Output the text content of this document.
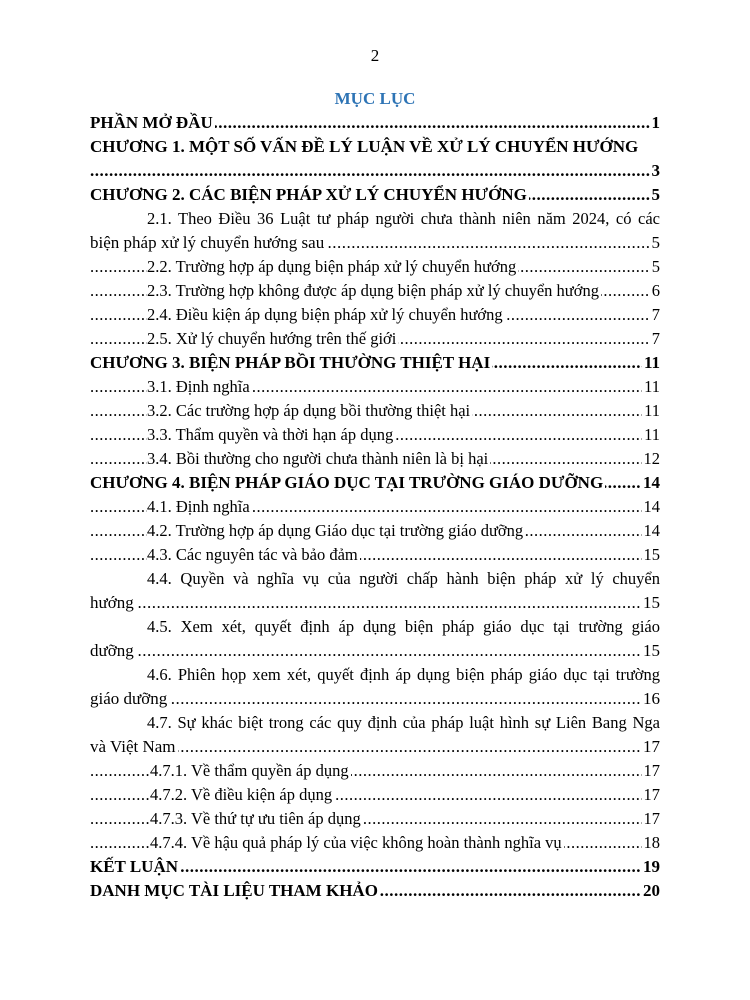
2
MỤC LỤC
..... PHẦN MỞ ĐẦU	1
CHƯƠNG 1. MỘT SỐ VẤN ĐỀ LÝ LUẬN VỀ XỬ LÝ CHUYỂN HƯỚNG
..... 3
..... CHƯƠNG 2. CÁC BIỆN PHÁP XỬ LÝ CHUYỂN HƯỚNG	5
2.1. Theo Điều 36 Luật tư pháp người chưa thành niên năm 2024, có các
..... biện pháp xử lý chuyển hướng sau	5
..... 2.2. Trường hợp áp dụng biện pháp xử lý chuyển hướng	5
..... 2.3. Trường hợp không được áp dụng biện pháp xử lý chuyển hướng	6
..... 2.4. Điều kiện áp dụng biện pháp xử lý chuyển hướng	7
..... 2.5. Xử lý chuyển hướng trên thế giới	7
..... CHƯƠNG 3. BIỆN PHÁP BỒI THƯỜNG THIỆT HẠI	11
..... 3.1. Định nghĩa	11
..... 3.2. Các trường hợp áp dụng bồi thường thiệt hại	11
..... 3.3. Thẩm quyền và thời hạn áp dụng	11
..... 3.4. Bồi thường cho người chưa thành niên là bị hại	12
..... CHƯƠNG 4. BIỆN PHÁP GIÁO DỤC TẠI TRƯỜNG GIÁO DƯỠNG 14
..... 4.1. Định nghĩa	14
..... 4.2. Trường hợp áp dụng Giáo dục tại trường giáo dưỡng	14
..... 4.3. Các nguyên tác và bảo đảm	15
4.4. Quyền và nghĩa vụ của người chấp hành biện pháp xử lý chuyển
..... hướng	15
4.5. Xem xét, quyết định áp dụng biện pháp giáo dục tại trường giáo
..... dưỡng	15
4.6. Phiên họp xem xét, quyết định áp dụng biện pháp giáo dục tại trường
..... giáo dưỡng	16
4.7. Sự khác biệt trong các quy định của pháp luật hình sự Liên Bang Nga
..... và Việt Nam	17
..... 4.7.1. Về thẩm quyền áp dụng	17
..... 4.7.2. Về điều kiện áp dụng	17
..... 4.7.3. Về thứ tự ưu tiên áp dụng	17
..... 4.7.4. Về hậu quả pháp lý của việc không hoàn thành nghĩa vụ	18
..... KẾT LUẬN	19
..... DANH MỤC TÀI LIỆU THAM KHẢO	20
